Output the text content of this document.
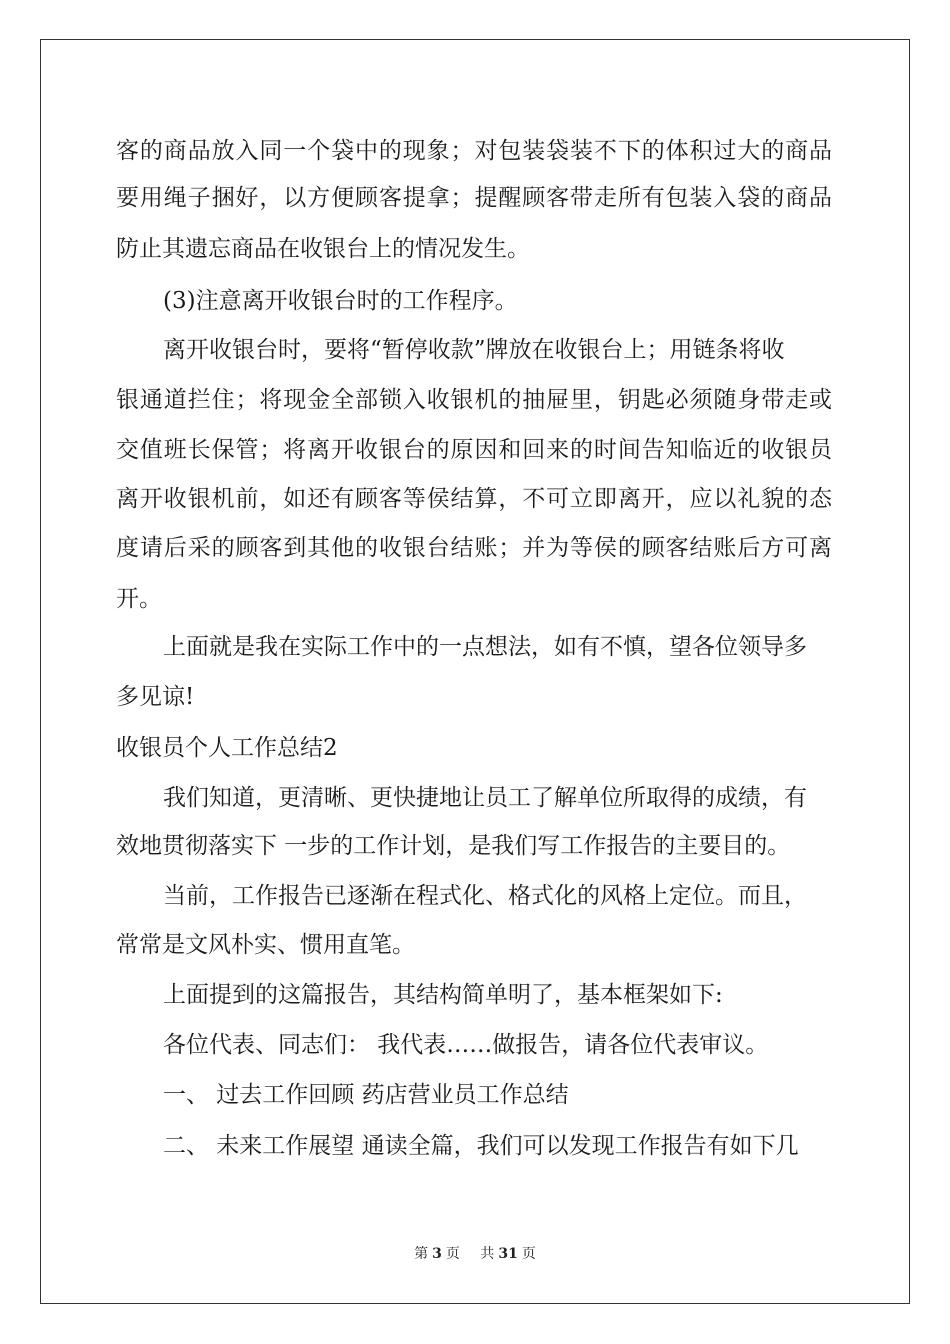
客的商品放入同一个袋中的现象；对包装袋装不下的体积过大的商品
要用绳子捆好，以方便顾客提拿；提醒顾客带走所有包装入袋的商品
防止其遗忘商品在收银台上的情况发生。
(3)注意离开收银台时的工作程序。
离开收银台时，要将“暂停收款”牌放在收银台上；用链条将收
银通道拦住；将现金全部锁入收银机的抽屉里，钥匙必须随身带走或
交值班长保管；将离开收银台的原因和回来的时间告知临近的收银员
离开收银机前，如还有顾客等侯结算，不可立即离开，应以礼貌的态
度请后采的顾客到其他的收银台结账；并为等侯的顾客结账后方可离
开。
上面就是我在实际工作中的一点想法，如有不慎，望各位领导多
多见谅!
收银员个人工作总结2
我们知道，更清晰、更快捷地让员工了解单位所取得的成绩，有
效地贯彻落实下 一步的工作计划，是我们写工作报告的主要目的。
当前，工作报告已逐渐在程式化、格式化的风格上定位。而且，
常常是文风朴实、惯用直笔。
上面提到的这篇报告，其结构简单明了，基本框架如下:
各位代表、同志们： 我代表……做报告，请各位代表审议。
一、 过去工作回顾 药店营业员工作总结
二、 未来工作展望 通读全篇，我们可以发现工作报告有如下几
第 3 页 共 31 页
